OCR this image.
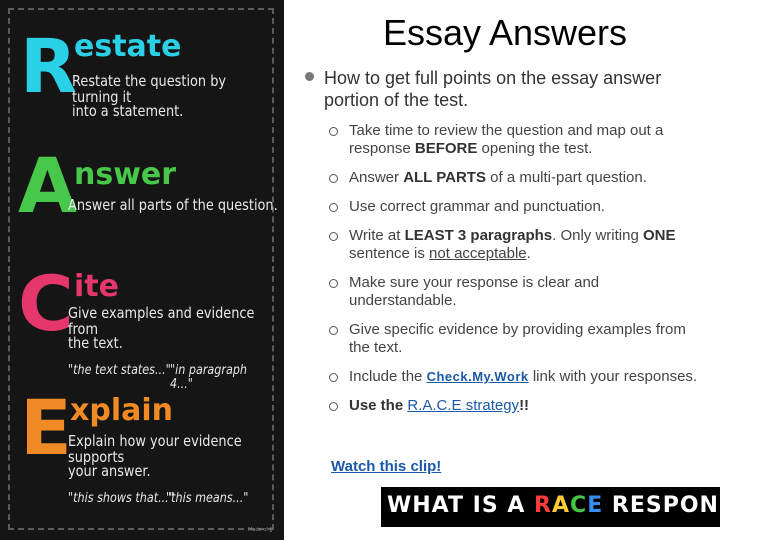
R
estate
Restate the question by turning it
into a statement.
A
nswer
Answer all parts of the question.
C ite
Give examples and evidence from
the text.
"the text states..." "in paragraph 4..."
E
xplain
Explain how your evidence supports
your answer.
"this shows that..."
"this means..."
Made of JJ
Essay Answers
How to get full points on the essay answer portion of the test.
Take time to review the question and map out a response BEFORE opening the test.
Answer ALL PARTS of a multi-part question.
Use correct grammar and punctuation.
Write at LEAST 3 paragraphs. Only writing ONE sentence is not acceptable.
Make sure your response is clear and understandable.
Give specific evidence by providing examples from the text.
Include the Check.My.Work link with your responses.
Use the R.A.C.E strategy!!
Watch this clip!
WHAT IS A RACE RESPONSE?
